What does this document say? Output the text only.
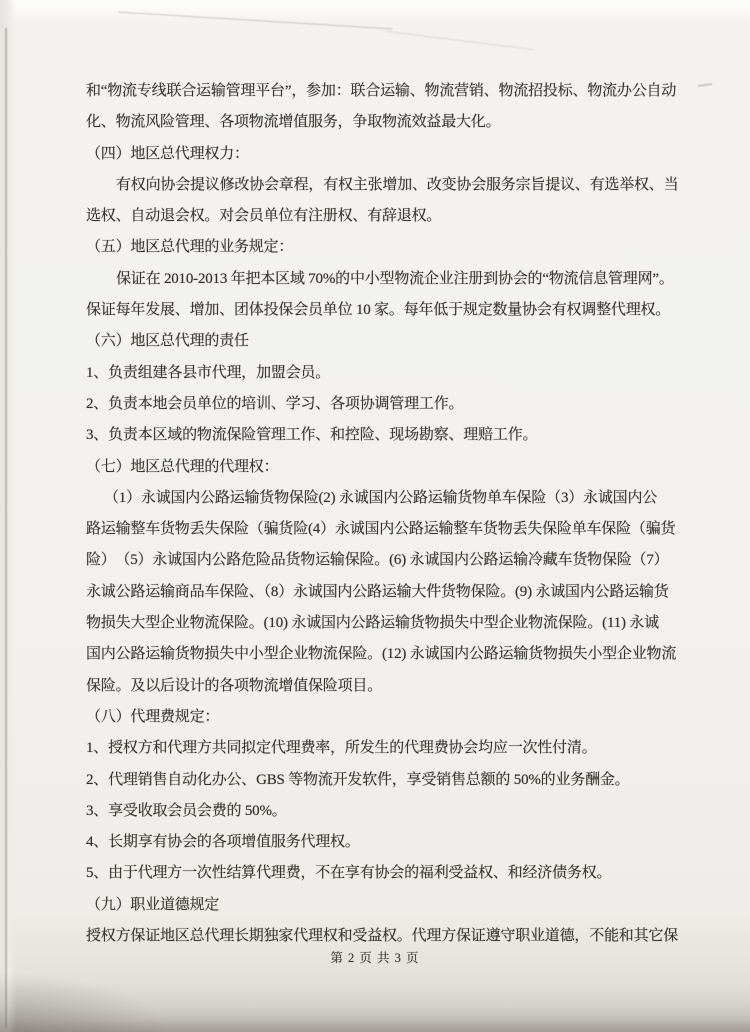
和“物流专线联合运输管理平台”，参加：联合运输、物流营销、物流招投标、物流办公自动
化、物流风险管理、各项物流增值服务，争取物流效益最大化。
（四）地区总代理权力：
有权向协会提议修改协会章程，有权主张增加、改变协会服务宗旨提议、有选举权、当
选权、自动退会权。对会员单位有注册权、有辞退权。
（五）地区总代理的业务规定：
保证在 2010-2013 年把本区域 70%的中小型物流企业注册到协会的“物流信息管理网”。
保证每年发展、增加、团体投保会员单位 10 家。每年低于规定数量协会有权调整代理权。
（六）地区总代理的责任
1、负责组建各县市代理，加盟会员。
2、负责本地会员单位的培训、学习、各项协调管理工作。
3、负责本区域的物流保险管理工作、和控险、现场勘察、理赔工作。
（七）地区总代理的代理权：
（1）永诚国内公路运输货物保险(2) 永诚国内公路运输货物单车保险（3）永诚国内公
路运输整车货物丢失保险（骗货险(4）永诚国内公路运输整车货物丢失保险单车保险（骗货
险）　（5）永诚国内公路危险品货物运输保险。(6) 永诚国内公路运输冷藏车货物保险（7）
永诚公路运输商品车保险、（8）永诚国内公路运输大件货物保险。(9) 永诚国内公路运输货
物损失大型企业物流保险。(10) 永诚国内公路运输货物损失中型企业物流保险。(11) 永诚
国内公路运输货物损失中小型企业物流保险。(12) 永诚国内公路运输货物损失小型企业物流
保险。及以后设计的各项物流增值保险项目。
（八）代理费规定：
1、授权方和代理方共同拟定代理费率，所发生的代理费协会均应一次性付清。
2、代理销售自动化办公、GBS 等物流开发软件，享受销售总额的 50%的业务酬金。
3、享受收取会员会费的 50%。
4、长期享有协会的各项增值服务代理权。
5、由于代理方一次性结算代理费，不在享有协会的福利受益权、和经济债务权。
（九）职业道德规定
授权方保证地区总代理长期独家代理权和受益权。代理方保证遵守职业道德，不能和其它保
第 2 页 共 3 页
